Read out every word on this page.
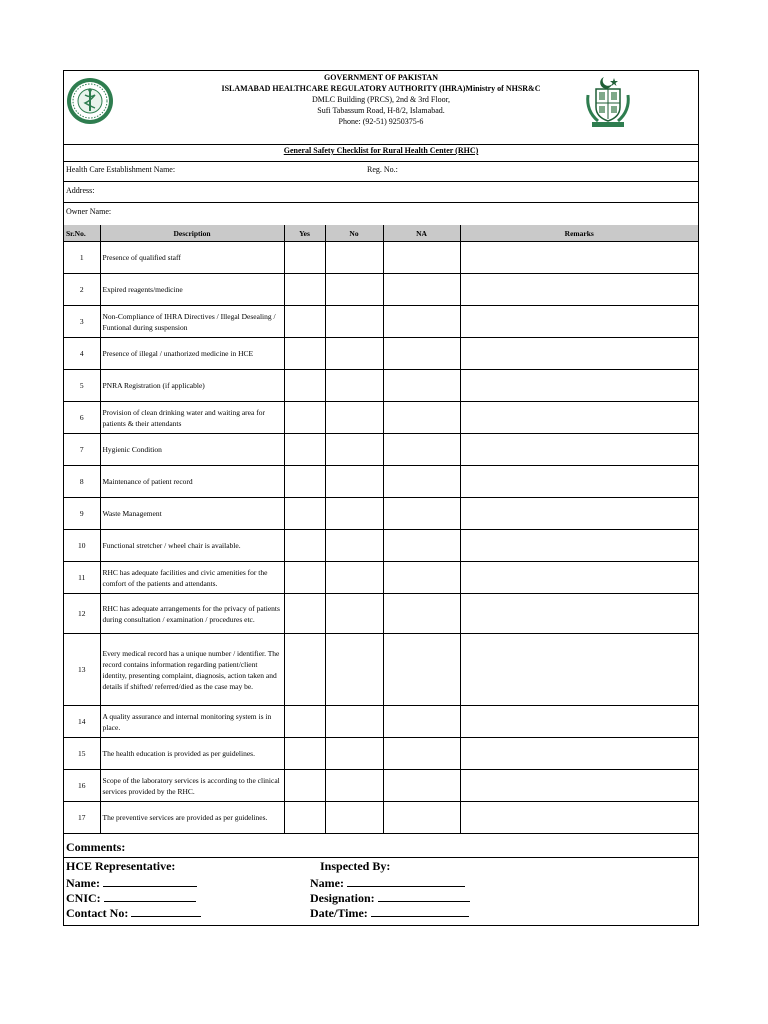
GOVERNMENT OF PAKISTAN
ISLAMABAD HEALTHCARE REGULATORY AUTHORITY (IHRA)Ministry of NHSR&C
DMLC Building (PRCS), 2nd & 3rd Floor,
Sufi Tabassum Road, H-8/2, Islamabad.
Phone: (92-51) 9250375-6
General Safety Checklist for Rural Health Center (RHC)
Health Care Establishment Name:	Reg. No.:
Address:
Owner Name:
Sr.No.	Description	Yes	No	NA	Remarks
1	Presence of qualified staff				
2	Expired reagents/medicine				
3	Non-Compliance of IHRA Directives / Illegal Desealing / Funtional during suspension				
4	Presence of illegal / unathorized medicine in HCE				
5	PNRA Registration (if applicable)				
6	Provision of clean drinking water and waiting area for patients & their attendants				
7	Hygienic Condition				
8	Maintenance of patient record				
9	Waste Management				
10	Functional stretcher / wheel chair is available.				
11	RHC has adequate facilities and civic amenities for the comfort of the patients and attendants.				
12	RHC has adequate arrangements for the privacy of patients during consultation / examination / procedures etc.				
13	Every medical record has a unique number / identifier. The record contains information regarding patient/client identity, presenting complaint, diagnosis, action taken and details if shifted/ referred/died as the case may be.				
14	A quality assurance and internal monitoring system is in place.				
15	The health education is provided as per guidelines.				
16	Scope of the laboratory services is according to the clinical services provided by the RHC.				
17	The preventive services are provided as per guidelines.				
Comments:
HCE Representative:
Name:
CNIC:
Contact No:
Inspected By:
Name:
Designation:
Date/Time:
